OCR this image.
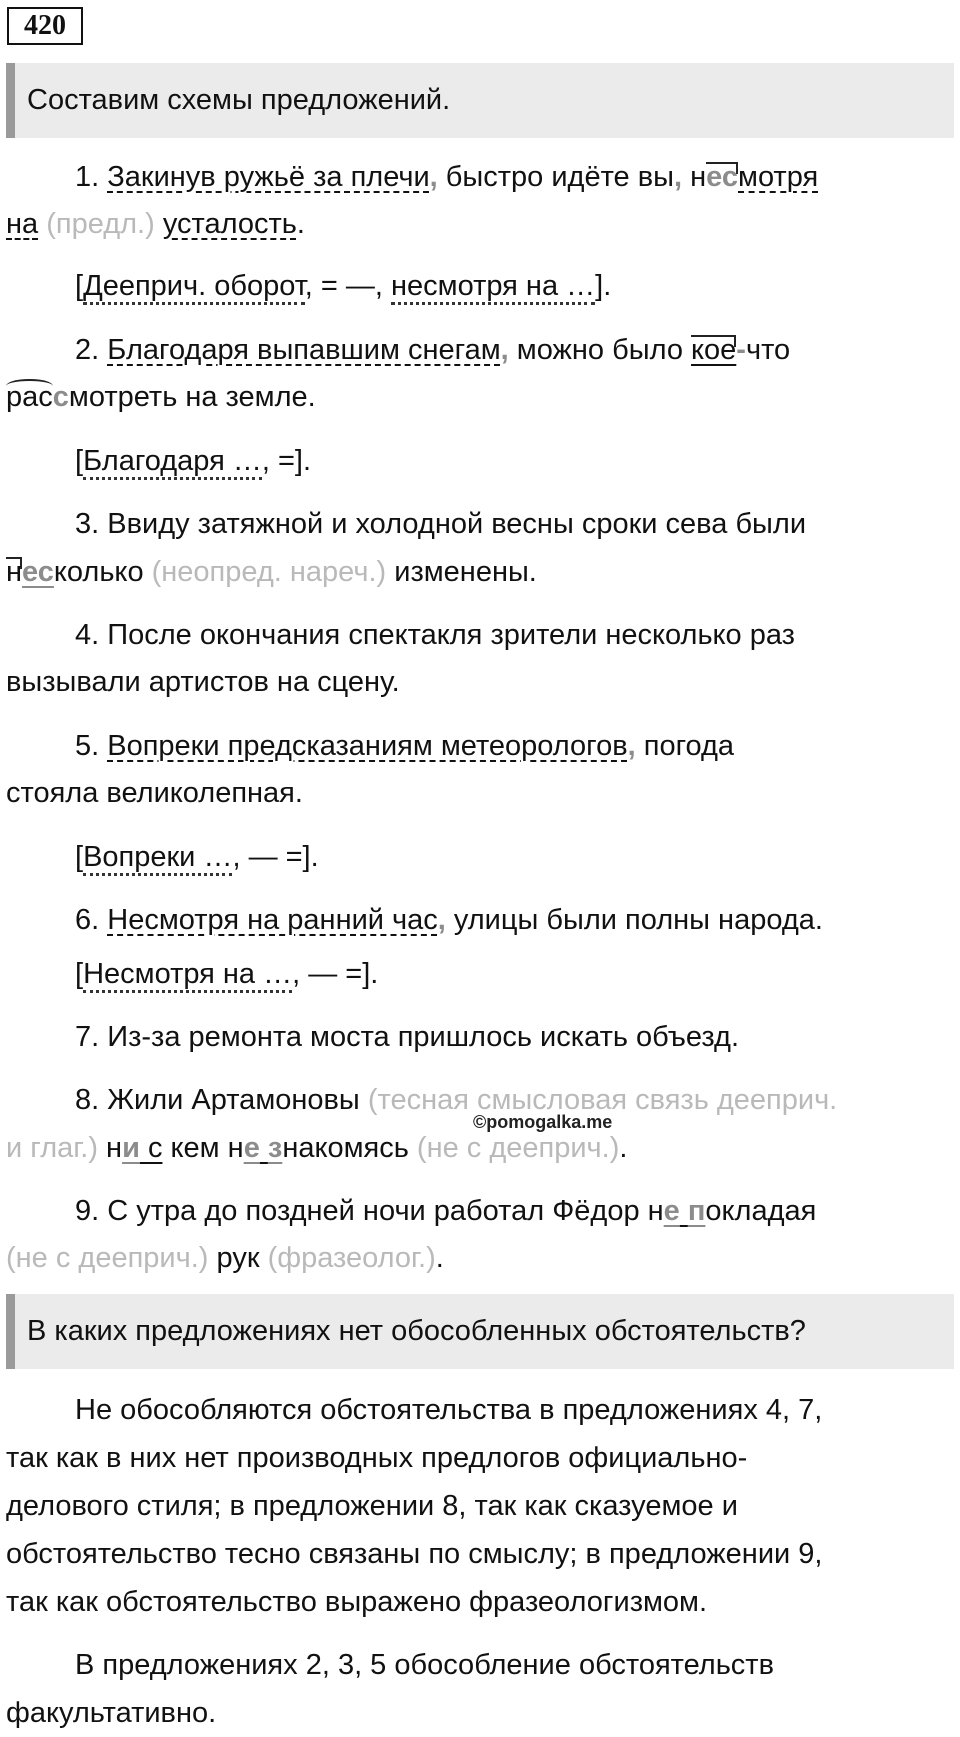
420
Составим схемы предложений.
1. Закинув ружьё за плечи, быстро идёте вы, несмотря
на (предл.) усталость.
[Дееприч. оборот, = —, несмотря на …].
2. Благодаря выпавшим снегам, можно было кое-что
рассмотреть на земле.
[Благодаря …, =].
3. Ввиду затяжной и холодной весны сроки сева были
несколько (неопред. нареч.) изменены.
4. После окончания спектакля зрители несколько раз
вызывали артистов на сцену.
5. Вопреки предсказаниям метеорологов, погода
стояла великолепная.
[Вопреки …, — =].
6. Несмотря на ранний час, улицы были полны народа.
[Несмотря на …, — =].
7. Из-за ремонта моста пришлось искать объезд.
8. Жили Артамоновы (тесная смысловая связь дееприч.
©pomogalka.me
и глаг.) ни с кем не знакомясь (не с дееприч.).
9. С утра до поздней ночи работал Фёдор не покладая
(не с дееприч.) рук (фразеолог.).
В каких предложениях нет обособленных обстоятельств?
Не обособляются обстоятельства в предложениях 4, 7,
так как в них нет производных предлогов официально-
делового стиля; в предложении 8, так как сказуемое и
обстоятельство тесно связаны по смыслу; в предложении 9,
так как обстоятельство выражено фразеологизмом.
В предложениях 2, 3, 5 обособление обстоятельств
факультативно.
